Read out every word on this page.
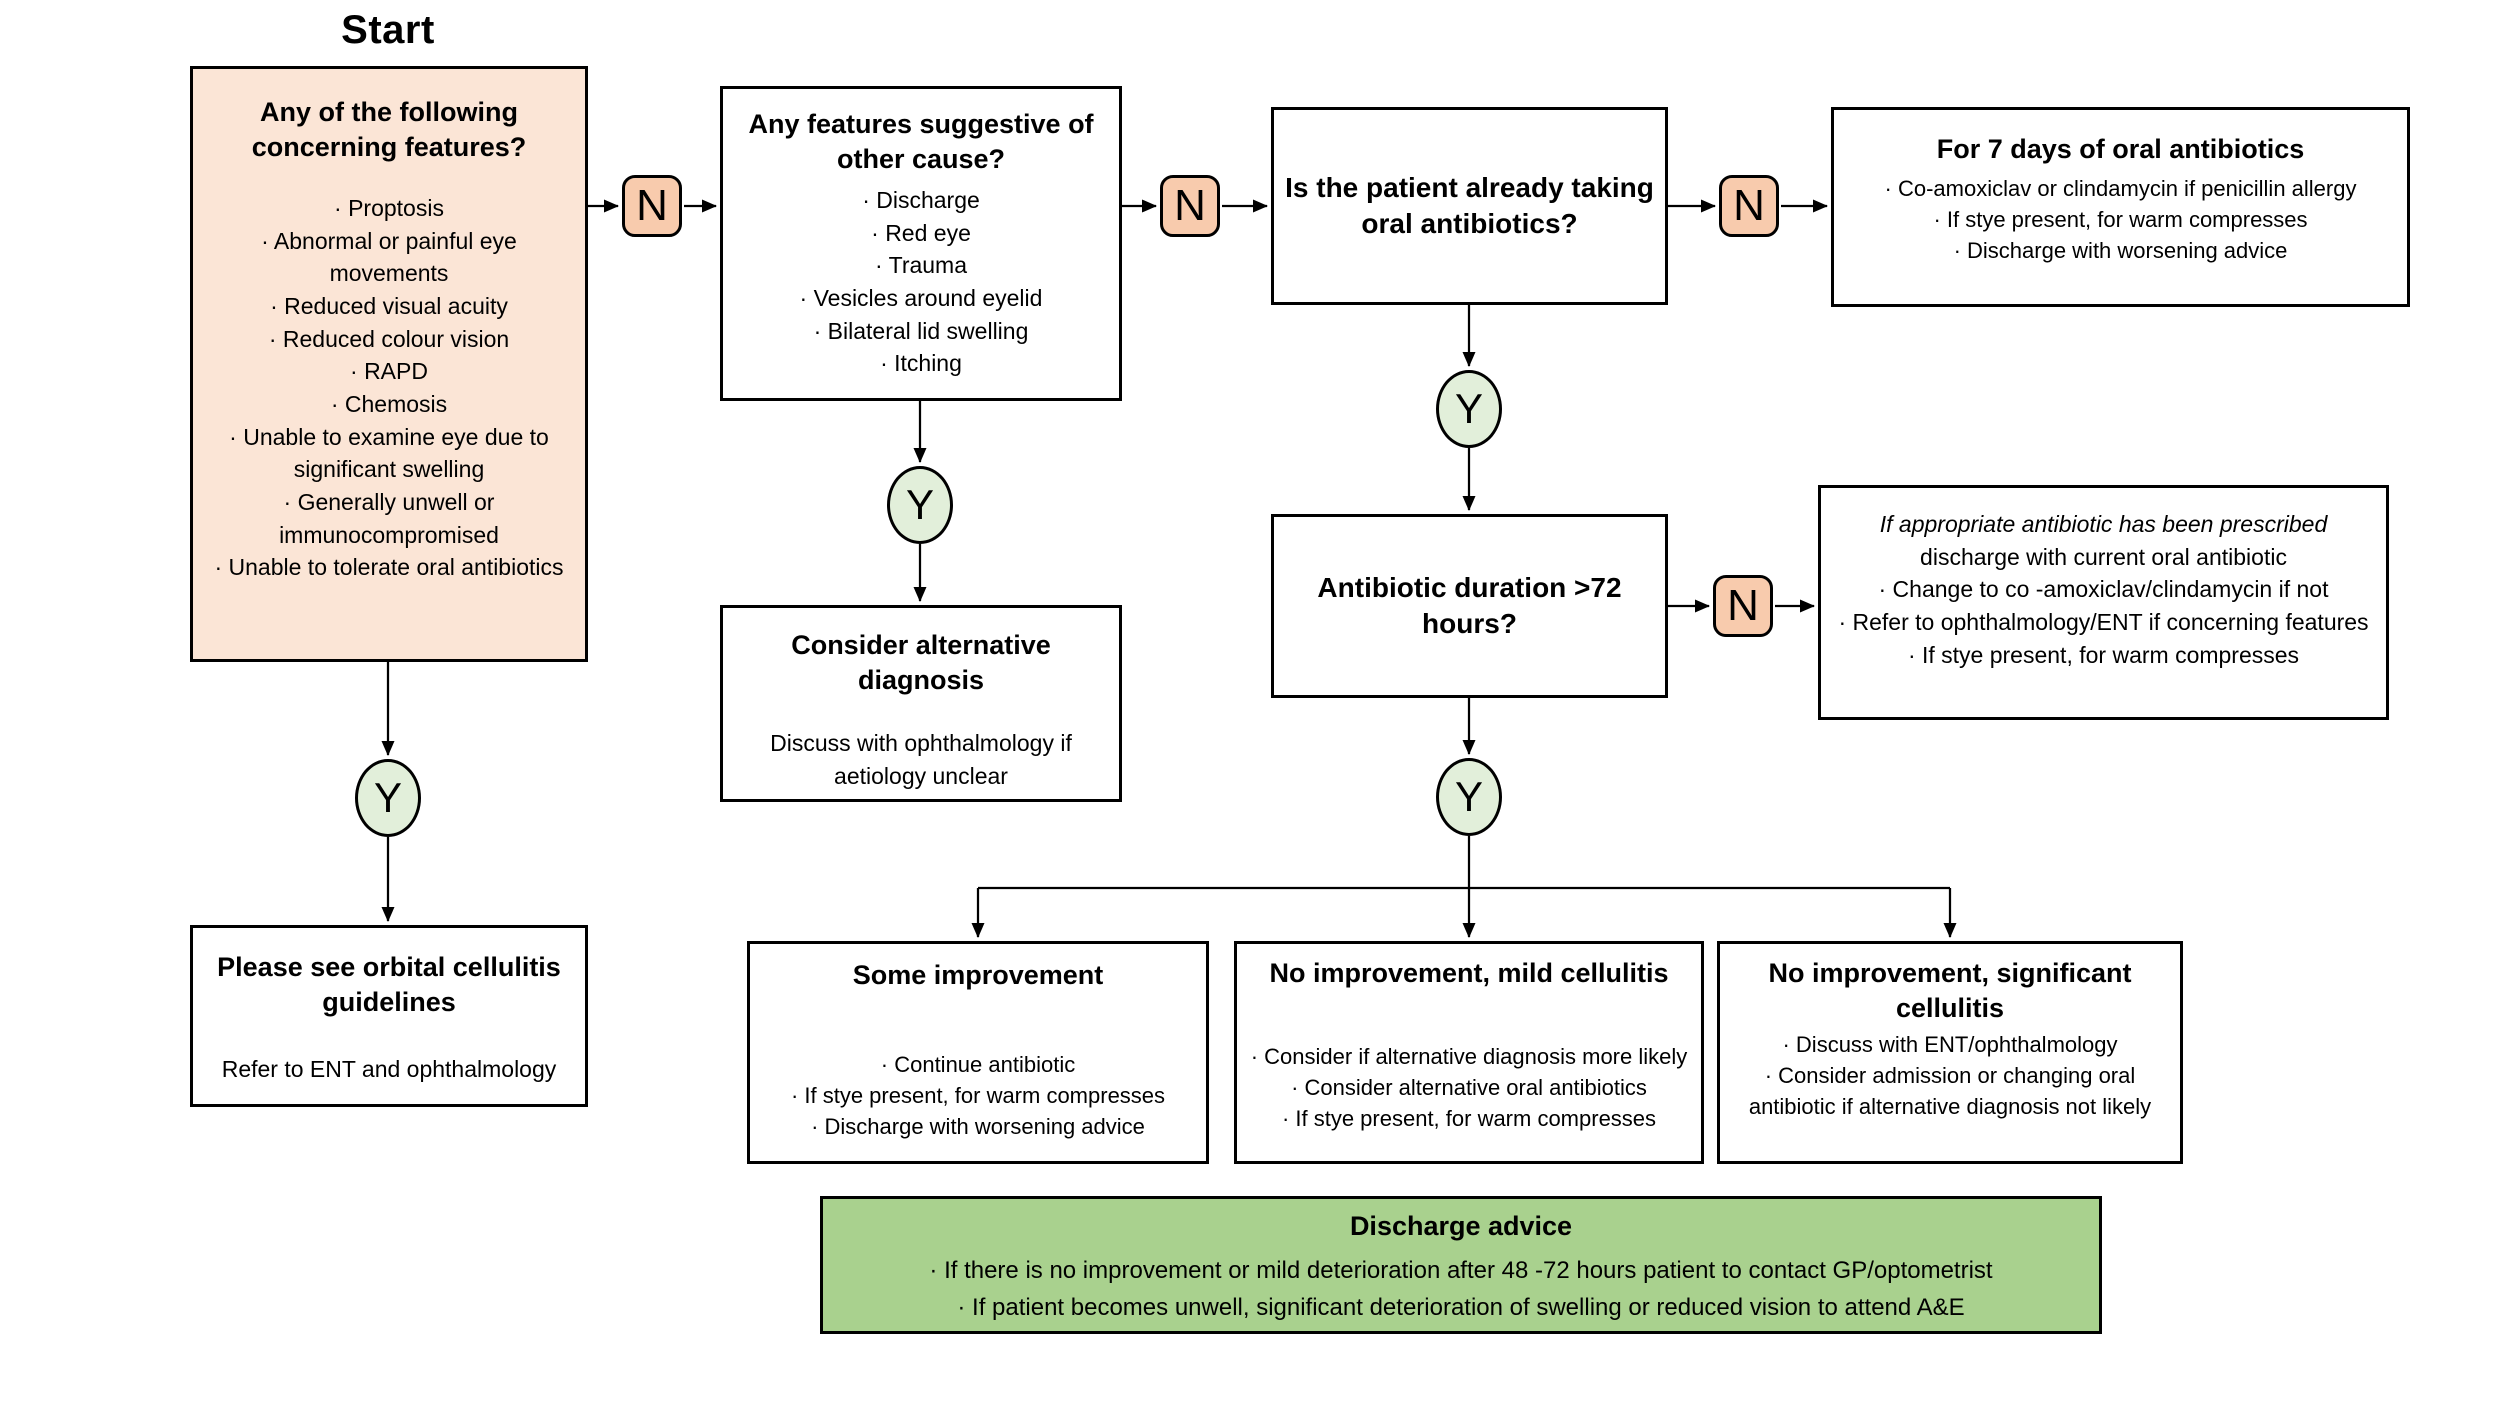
Start
Any of the following concerning features?
· Proptosis
· Abnormal or painful eye movements
· Reduced visual acuity
· Reduced colour vision
· RAPD
· Chemosis
· Unable to examine eye due to significant swelling
· Generally unwell or immunocompromised
· Unable to tolerate oral antibiotics
Any features suggestive of other cause?
· Discharge
· Red eye
· Trauma
· Vesicles around eyelid
· Bilateral lid swelling
· Itching
Is the patient already taking oral antibiotics?
For 7 days of oral antibiotics
· Co-amoxiclav or clindamycin if penicillin allergy
· If stye present, for warm compresses
· Discharge with worsening advice
Antibiotic duration >72 hours?
If appropriate antibiotic has been prescribed
discharge with current oral antibiotic
· Change to co -amoxiclav/clindamycin if not
· Refer to ophthalmology/ENT if concerning features
· If stye present, for warm compresses
Consider alternative diagnosis
Discuss with ophthalmology if aetiology unclear
Please see orbital cellulitis guidelines
Refer to ENT and ophthalmology
Some improvement
· Continue antibiotic
· If stye present, for warm compresses
· Discharge with worsening advice
No improvement, mild cellulitis
· Consider if alternative diagnosis more likely
· Consider alternative oral antibiotics
· If stye present, for warm compresses
No improvement, significant cellulitis
· Discuss with ENT/ophthalmology
· Consider admission or changing oral antibiotic if alternative diagnosis not likely
Discharge advice
· If there is no improvement or mild deterioration after 48 -72 hours patient to contact GP/optometrist
· If patient becomes unwell, significant deterioration of swelling or reduced vision to attend A&E
N	N	N
N
Y
Y
Y
Y
